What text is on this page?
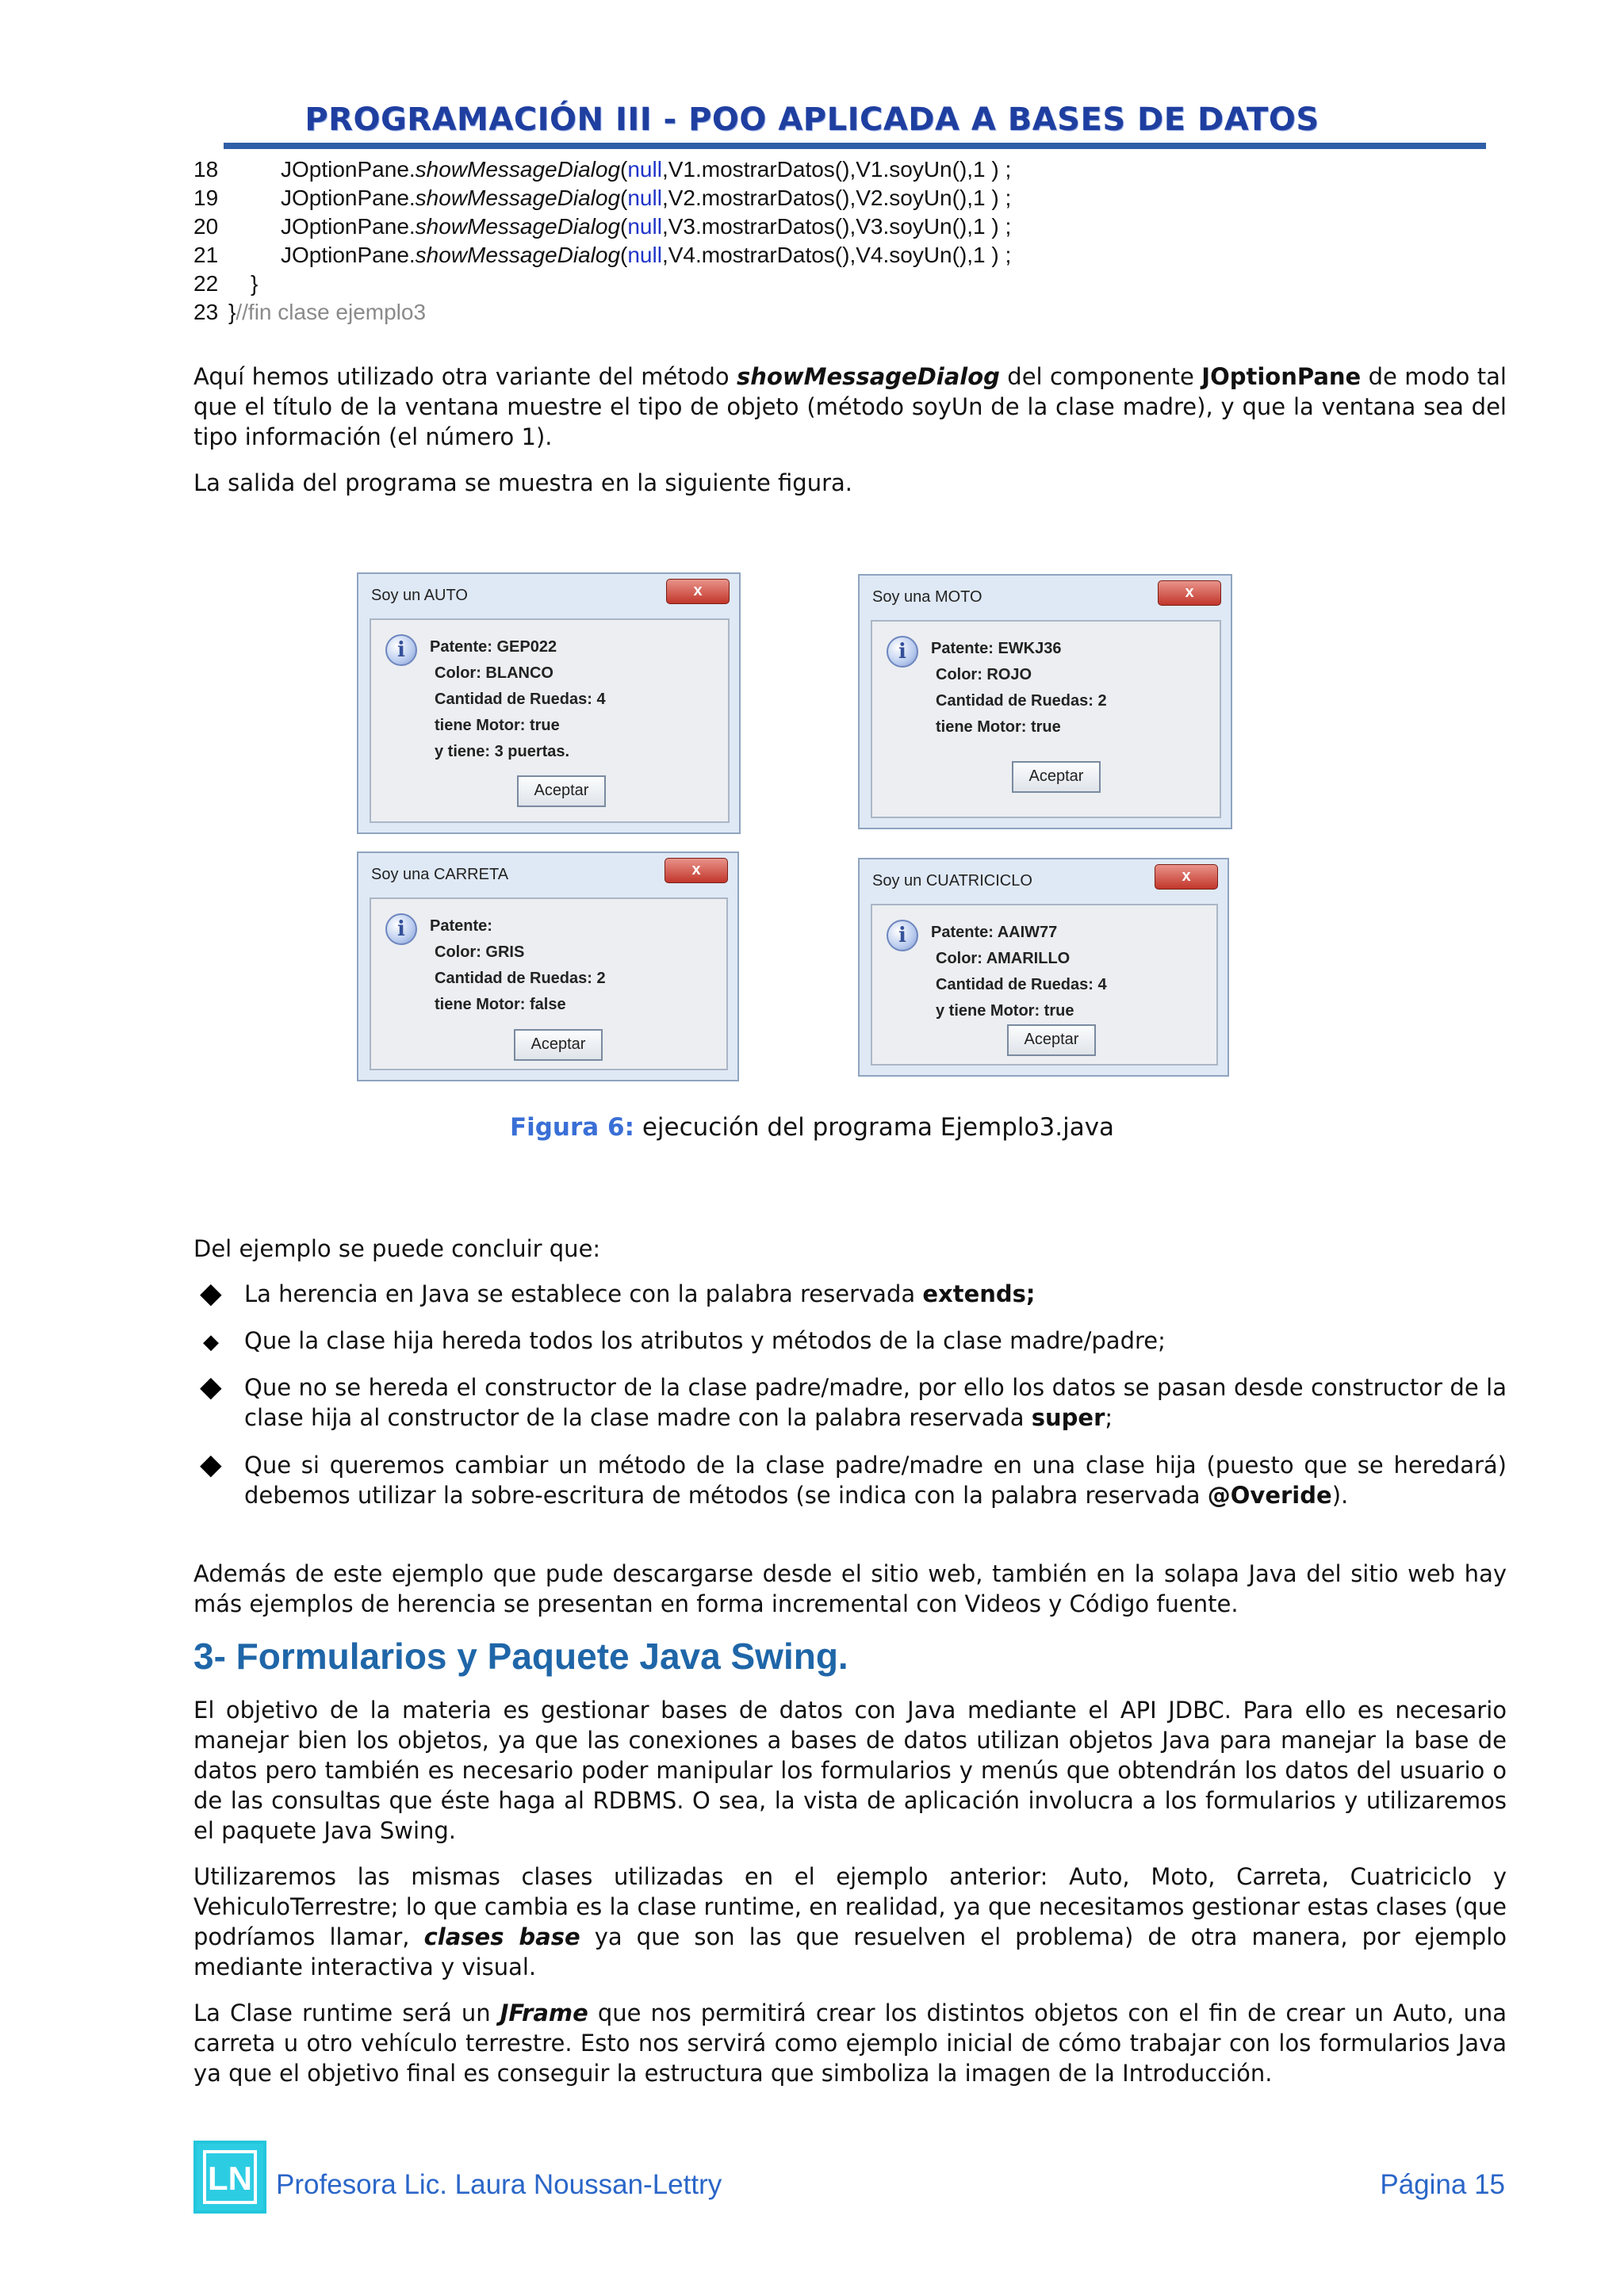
PROGRAMACIÓN III - POO APLICADA A BASES DE DATOS
18	JOptionPane.showMessageDialog(null,V1.mostrarDatos(),V1.soyUn(),1 ) ;
19	JOptionPane.showMessageDialog(null,V2.mostrarDatos(),V2.soyUn(),1 ) ;
20	JOptionPane.showMessageDialog(null,V3.mostrarDatos(),V3.soyUn(),1 ) ;
21	JOptionPane.showMessageDialog(null,V4.mostrarDatos(),V4.soyUn(),1 ) ;
22 }
23 }//fin clase ejemplo3
Aquí hemos utilizado otra variante del método showMessageDialog del componente JOptionPane de modo tal que el título de la ventana muestre el tipo de objeto (método soyUn de la clase madre), y que la ventana sea del tipo información (el número 1).
La salida del programa se muestra en la siguiente figura.
Soy un AUTO	x
i	Patente: GEP022
Color: BLANCO
Cantidad de Ruedas: 4
tiene Motor: true
y tiene: 3 puertas.
Aceptar
Soy una MOTO	x
i	Patente: EWKJ36
Color: ROJO
Cantidad de Ruedas: 2
tiene Motor: true
Aceptar
Soy una CARRETA	x
i	Patente:
Color: GRIS
Cantidad de Ruedas: 2
tiene Motor: false
Aceptar
Soy un CUATRICICLO	x
i	Patente: AAIW77
Color: AMARILLO
Cantidad de Ruedas: 4
y tiene Motor: true
Aceptar
Figura 6: ejecución del programa Ejemplo3.java
Del ejemplo se puede concluir que:
◆ La herencia en Java se establece con la palabra reservada extends;
◆ Que la clase hija hereda todos los atributos y métodos de la clase madre/padre;
◆ Que no se hereda el constructor de la clase padre/madre, por ello los datos se pasan desde constructor de la clase hija al constructor de la clase madre con la palabra reservada super;
◆ Que si queremos cambiar un método de la clase padre/madre en una clase hija (puesto que se heredará) debemos utilizar la sobre-escritura de métodos (se indica con la palabra reservada @Overide).
Además de este ejemplo que pude descargarse desde el sitio web, también en la solapa Java del sitio web hay más ejemplos de herencia se presentan en forma incremental con Videos y Código fuente.
3- Formularios y Paquete Java Swing.
El objetivo de la materia es gestionar bases de datos con Java mediante el API JDBC. Para ello es necesario manejar bien los objetos, ya que las conexiones a bases de datos utilizan objetos Java para manejar la base de datos pero también es necesario poder manipular los formularios y menús que obtendrán los datos del usuario o de las consultas que éste haga al RDBMS. O sea, la vista de aplicación involucra a los formularios y utilizaremos el paquete Java Swing.
Utilizaremos las mismas clases utilizadas en el ejemplo anterior: Auto, Moto, Carreta, Cuatriciclo y VehiculoTerrestre; lo que cambia es la clase runtime, en realidad, ya que necesitamos gestionar estas clases (que podríamos llamar, clases base ya que son las que resuelven el problema) de otra manera, por ejemplo mediante interactiva y visual.
La Clase runtime será un JFrame que nos permitirá crear los distintos objetos con el fin de crear un Auto, una carreta u otro vehículo terrestre. Esto nos servirá como ejemplo inicial de cómo trabajar con los formularios Java ya que el objetivo final es conseguir la estructura que simboliza la imagen de la Introducción.
LN Profesora Lic. Laura Noussan-Lettry	Página 15
